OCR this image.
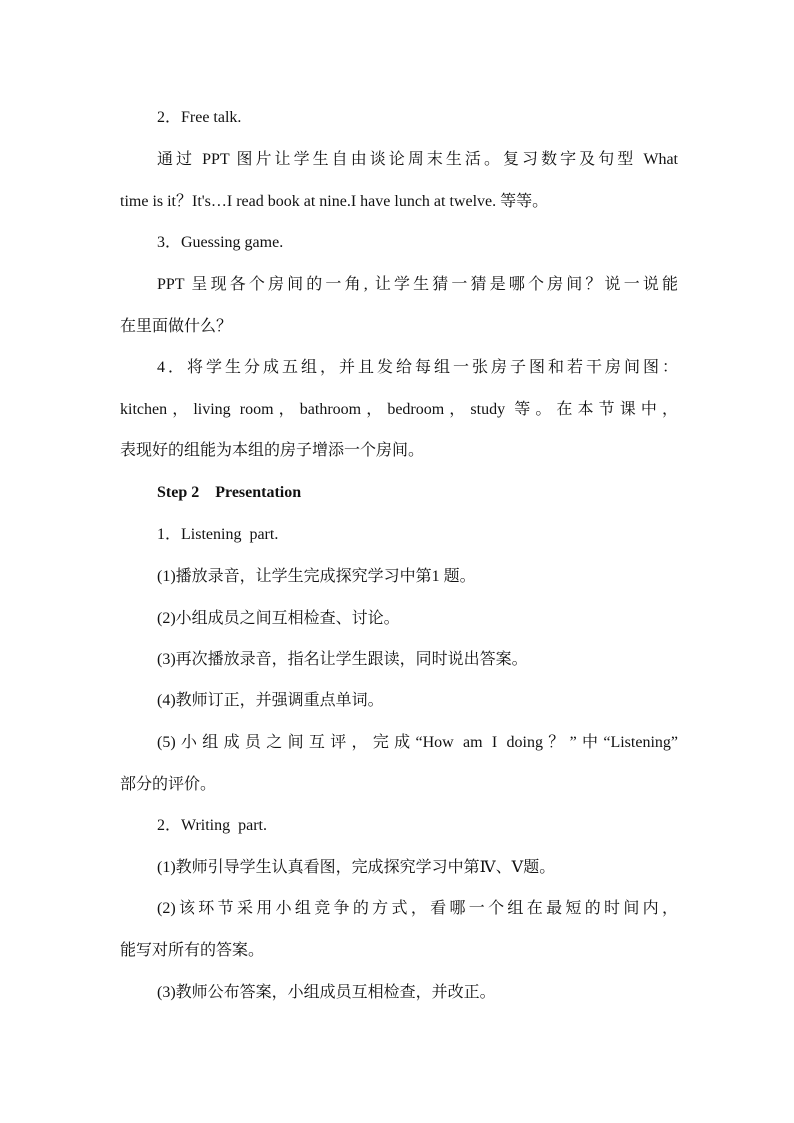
2．Free talk.

通过 PPT 图片让学生自由谈论周末生活。复习数字及句型 What
time is it？It's…I read book at nine.I have lunch at twelve. 等等。

3．Guessing game.

PPT 呈现各个房间的一角, 让学生猜一猜是哪个房间？说一说能
在里面做什么？

4．将学生分成五组，并且发给每组一张房子图和若干房间图：
kitchen，living room，bathroom，bedroom，study 等。在本节课中，
表现好的组能为本组的房子增添一个房间。

Step 2    Presentation

1．Listening  part.

(1)播放录音，让学生完成探究学习中第1 题。

(2)小组成员之间互相检查、讨论。

(3)再次播放录音，指名让学生跟读，同时说出答案。

(4)教师订正，并强调重点单词。

(5)小组成员之间互评，完成“How am I doing？”中“Listening”
部分的评价。

2．Writing  part.

(1)教师引导学生认真看图，完成探究学习中第Ⅳ、Ⅴ题。

(2)该环节采用小组竞争的方式，看哪一个组在最短的时间内，
能写对所有的答案。

(3)教师公布答案，小组成员互相检查，并改正。
